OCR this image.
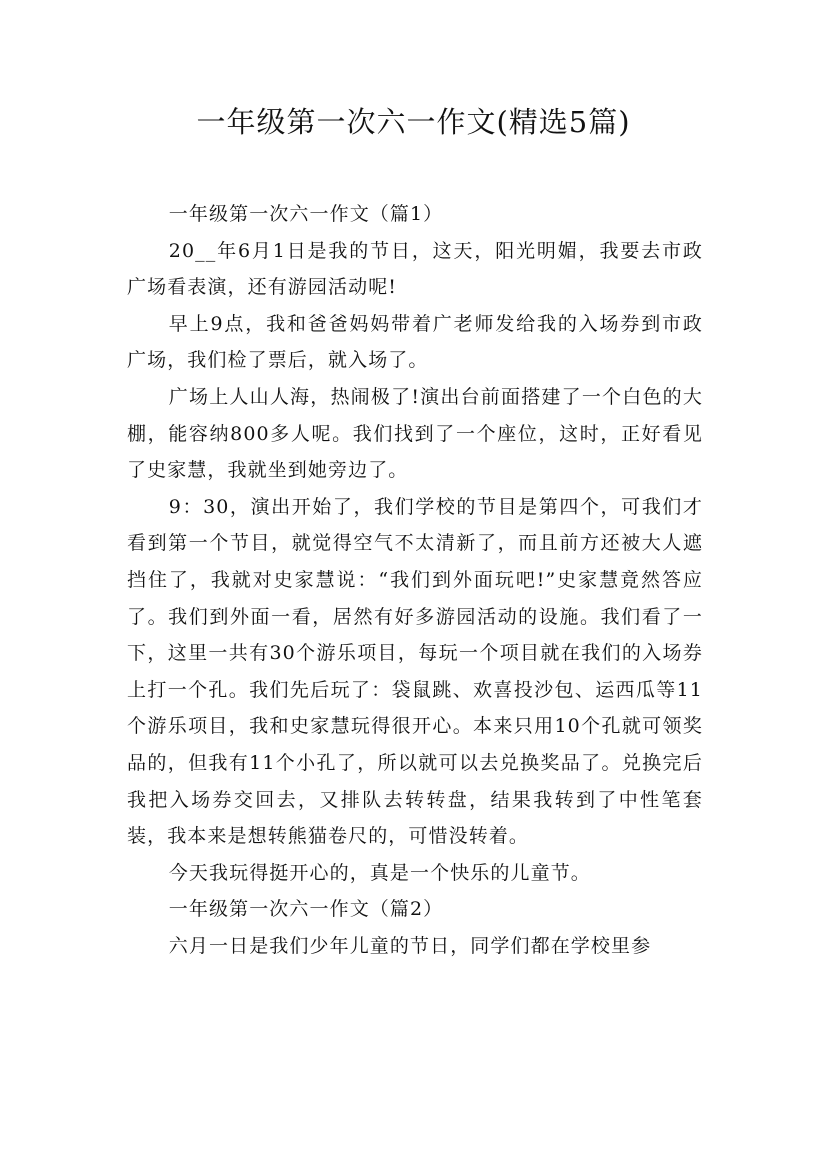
一年级第一次六一作文(精选5篇)

一年级第一次六一作文（篇1）

20__年6月1日是我的节日，这天，阳光明媚，我要去市政广场看表演，还有游园活动呢!

早上9点，我和爸爸妈妈带着广老师发给我的入场券到市政广场，我们检了票后，就入场了。

广场上人山人海，热闹极了!演出台前面搭建了一个白色的大棚，能容纳800多人呢。我们找到了一个座位，这时，正好看见了史家慧，我就坐到她旁边了。

9：30，演出开始了，我们学校的节目是第四个，可我们才看到第一个节目，就觉得空气不太清新了，而且前方还被大人遮挡住了，我就对史家慧说：“我们到外面玩吧!”史家慧竟然答应了。我们到外面一看，居然有好多游园活动的设施。我们看了一下，这里一共有30个游乐项目，每玩一个项目就在我们的入场券上打一个孔。我们先后玩了：袋鼠跳、欢喜投沙包、运西瓜等11个游乐项目，我和史家慧玩得很开心。本来只用10个孔就可领奖品的，但我有11个小孔了，所以就可以去兑换奖品了。兑换完后我把入场券交回去，又排队去转转盘，结果我转到了中性笔套装，我本来是想转熊猫卷尺的，可惜没转着。

今天我玩得挺开心的，真是一个快乐的儿童节。

一年级第一次六一作文（篇2）

六月一日是我们少年儿童的节日，同学们都在学校里参
